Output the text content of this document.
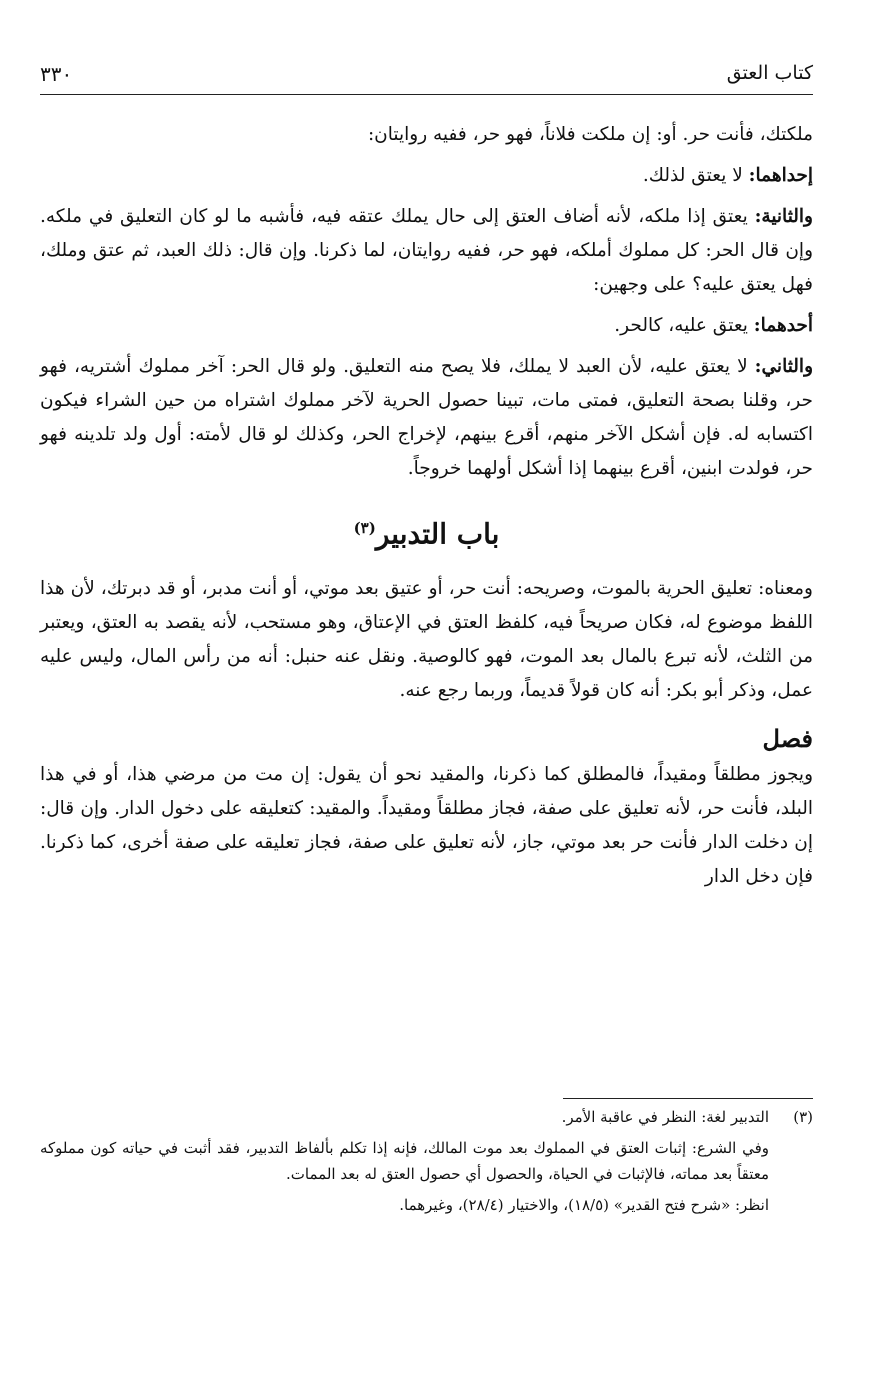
كتاب العتق
٣٣٠

ملكتك، فأنت حر. أو: إن ملكت فلاناً، فهو حر، ففيه روايتان:

إحداهما: لا يعتق لذلك.

والثانية: يعتق إذا ملكه، لأنه أضاف العتق إلى حال يملك عتقه فيه، فأشبه ما لو كان التعليق في ملكه. وإن قال الحر: كل مملوك أملكه، فهو حر، ففيه روايتان، لما ذكرنا. وإن قال: ذلك العبد، ثم عتق وملك، فهل يعتق عليه؟ على وجهين:

أحدهما: يعتق عليه، كالحر.

والثاني: لا يعتق عليه، لأن العبد لا يملك، فلا يصح منه التعليق. ولو قال الحر: آخر مملوك أشتريه، فهو حر، وقلنا بصحة التعليق، فمتى مات، تبينا حصول الحرية لآخر مملوك اشتراه من حين الشراء فيكون اكتسابه له. فإن أشكل الآخر منهم، أقرع بينهم، لإخراج الحر، وكذلك لو قال لأمته: أول ولد تلدينه فهو حر، فولدت ابنين، أقرع بينهما إذا أشكل أولهما خروجاً.

باب التدبير$^{(٣)}$

ومعناه: تعليق الحرية بالموت، وصريحه: أنت حر، أو عتيق بعد موتي، أو أنت مدبر، أو قد دبرتك، لأن هذا اللفظ موضوع له، فكان صريحاً فيه، كلفظ العتق في الإعتاق، وهو مستحب، لأنه يقصد به العتق، ويعتبر من الثلث، لأنه تبرع بالمال بعد الموت، فهو كالوصية. ونقل عنه حنبل: أنه من رأس المال، وليس عليه عمل، وذكر أبو بكر: أنه كان قولاً قديماً، وربما رجع عنه.

فصل

ويجوز مطلقاً ومقيداً، فالمطلق كما ذكرنا، والمقيد نحو أن يقول: إن مت من مرضي هذا، أو في هذا البلد، فأنت حر، لأنه تعليق على صفة، فجاز مطلقاً ومقيداً. والمقيد: كتعليقه على دخول الدار. وإن قال: إن دخلت الدار فأنت حر بعد موتي، جاز، لأنه تعليق على صفة، فجاز تعليقه على صفة أخرى، كما ذكرنا. فإن دخل الدار

(٣)
التدبير لغة: النظر في عاقبة الأمر.

وفي الشرع: إثبات العتق في المملوك بعد موت المالك، فإنه إذا تكلم بألفاظ التدبير، فقد أثبت في حياته كون مملوكه معتقاً بعد مماته، فالإثبات في الحياة، والحصول أي حصول العتق له بعد الممات.

انظر: «شرح فتح القدير» (١٨/٥)، والاختيار (٢٨/٤)، وغيرهما.
